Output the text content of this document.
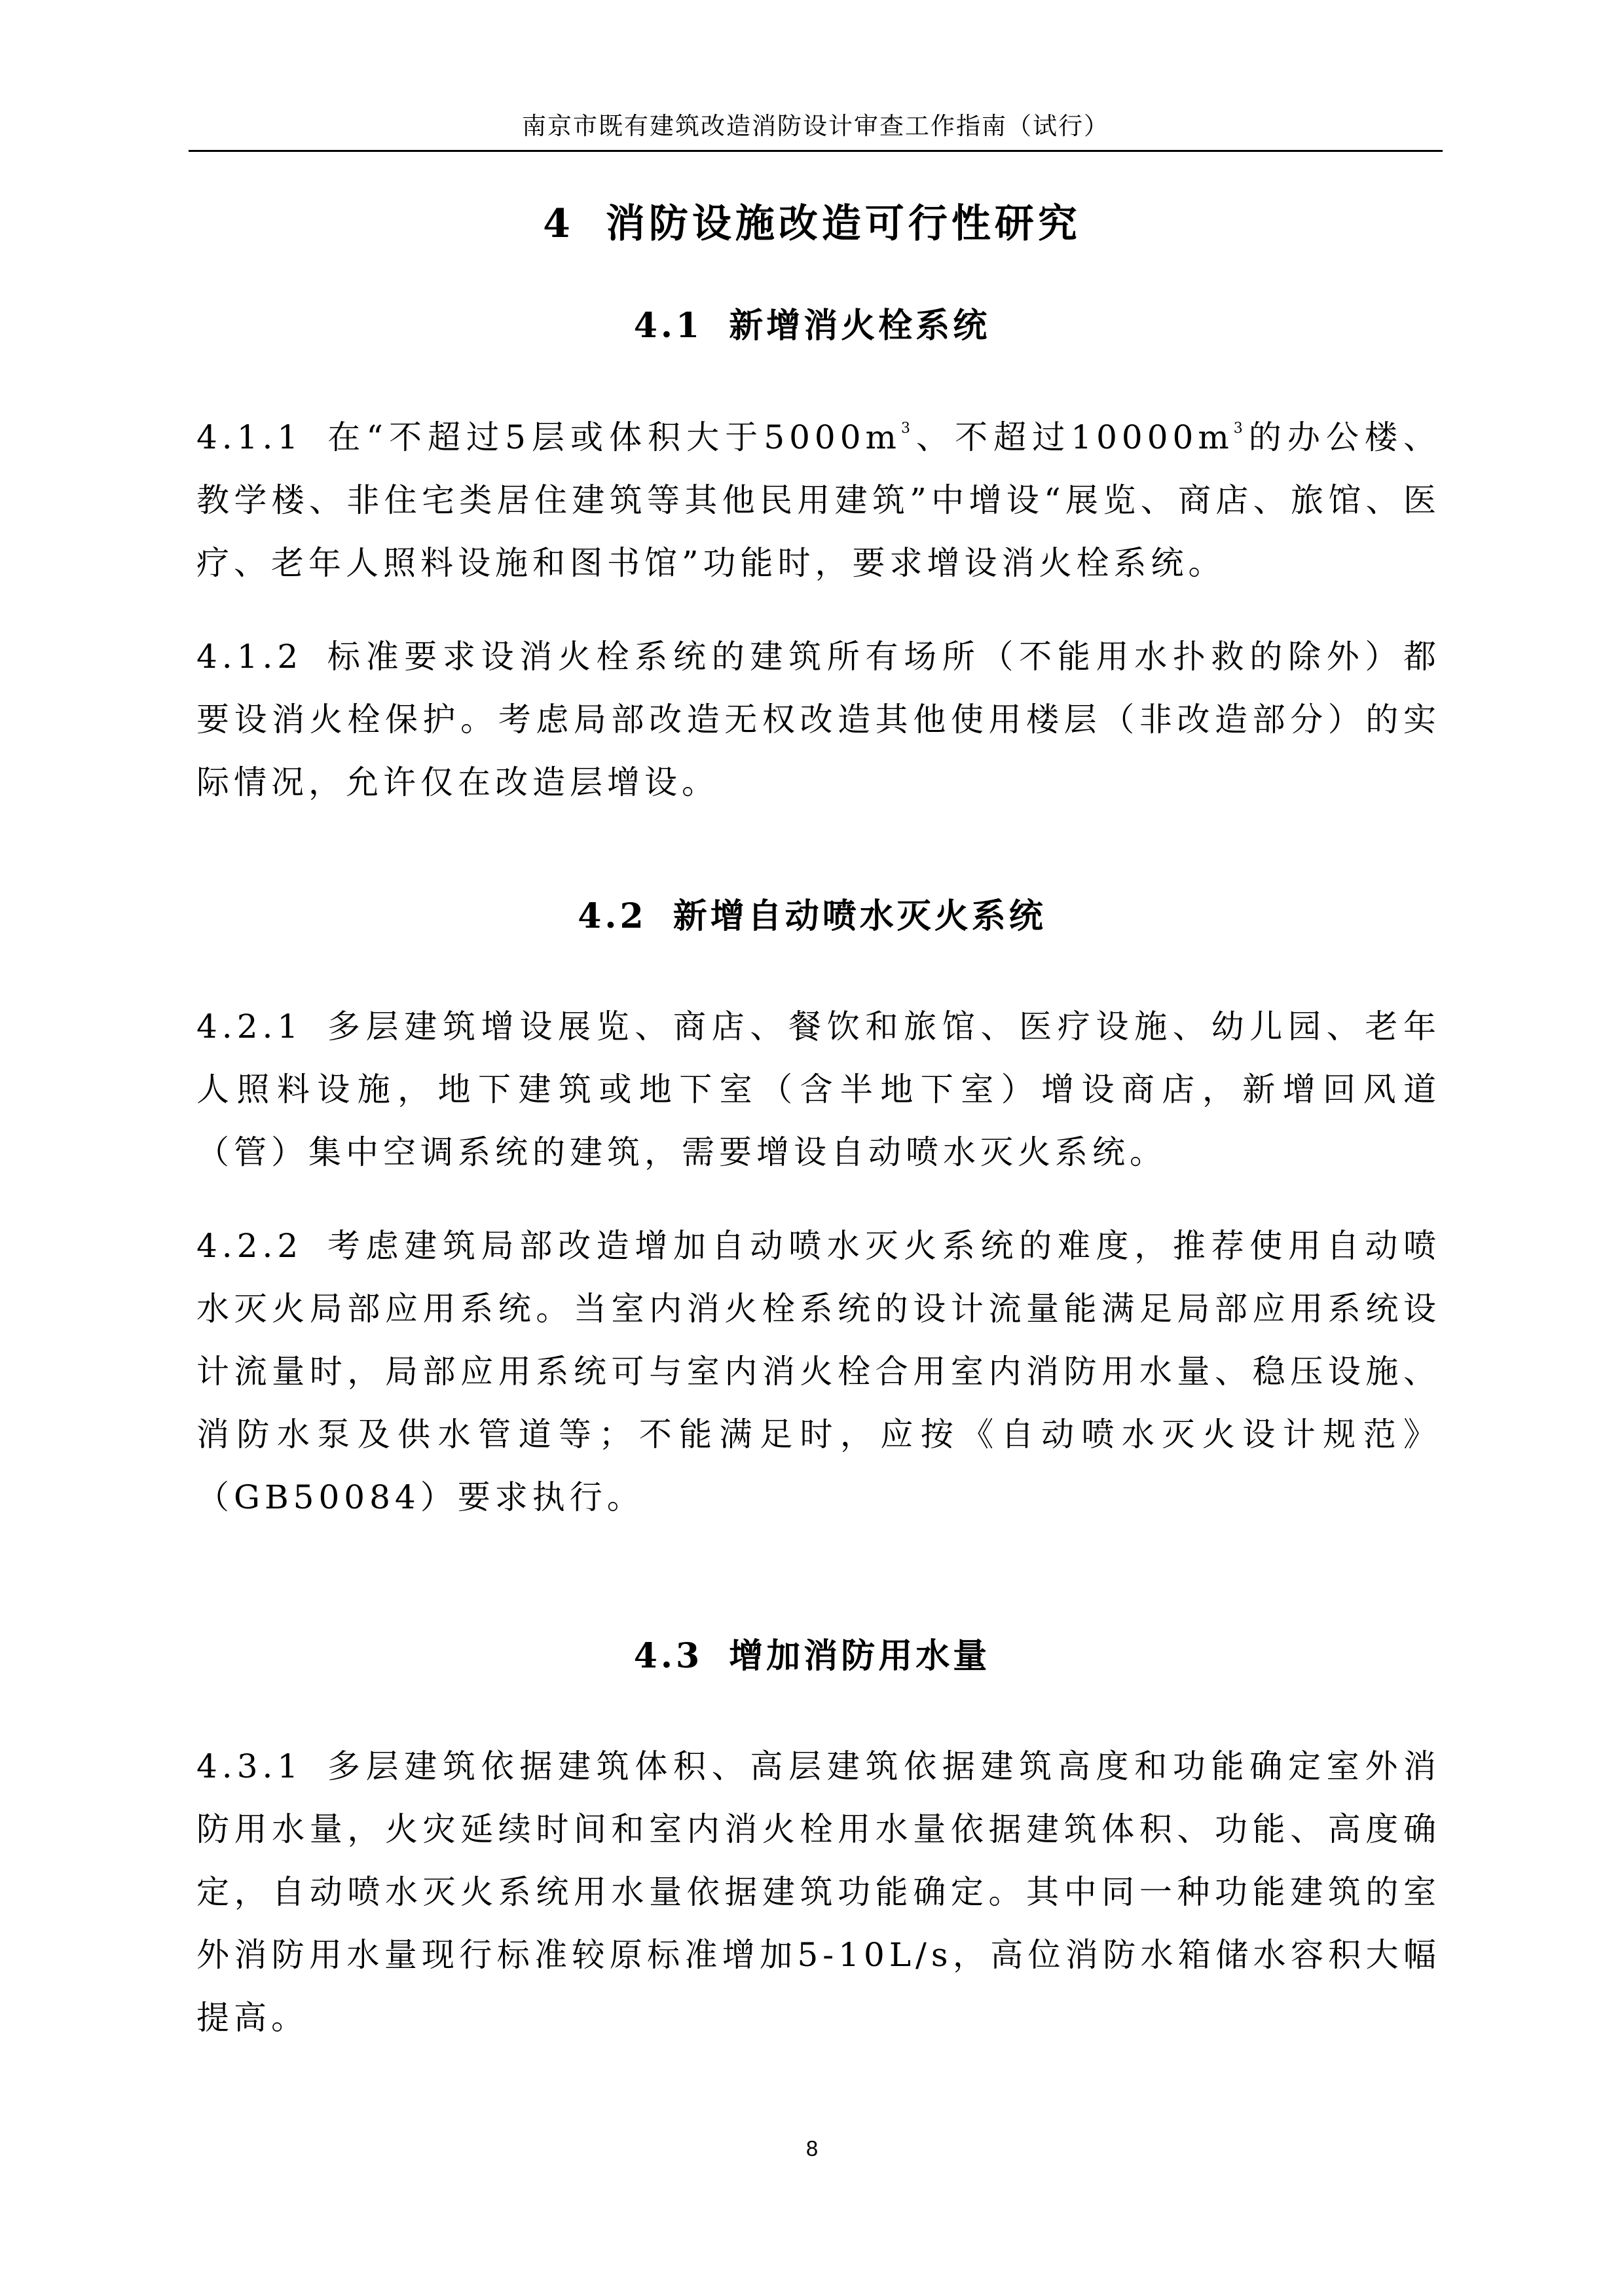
南京市既有建筑改造消防设计审查工作指南（试行）
4 消防设施改造可行性研究
4.1 新增消火栓系统

4.1.1 在“不超过5层或体积大于$5000m^3$、不超过$10000m^3$的办公楼、教学楼、非住宅类居住建筑等其他民用建筑”中增设“展览、商店、旅馆、医疗、老年人照料设施和图书馆”功能时，要求增设消火栓系统。

4.1.2 标准要求设消火栓系统的建筑所有场所（不能用水扑救的除外）都要设消火栓保护。考虑局部改造无权改造其他使用楼层（非改造部分）的实际情况，允许仅在改造层增设。

4.2 新增自动喷水灭火系统

4.2.1 多层建筑增设展览、商店、餐饮和旅馆、医疗设施、幼儿园、老年人照料设施，地下建筑或地下室（含半地下室）增设商店，新增回风道（管）集中空调系统的建筑，需要增设自动喷水灭火系统。

4.2.2 考虑建筑局部改造增加自动喷水灭火系统的难度，推荐使用自动喷水灭火局部应用系统。当室内消火栓系统的设计流量能满足局部应用系统设计流量时，局部应用系统可与室内消火栓合用室内消防用水量、稳压设施、消防水泵及供水管道等；不能满足时，应按《自动喷水灭火设计规范》（GB50084）要求执行。

4.3 增加消防用水量

4.3.1 多层建筑依据建筑体积、高层建筑依据建筑高度和功能确定室外消防用水量，火灾延续时间和室内消火栓用水量依据建筑体积、功能、高度确定，自动喷水灭火系统用水量依据建筑功能确定。其中同一种功能建筑的室外消防用水量现行标准较原标准增加5-10L/s，高位消防水箱储水容积大幅提高。

8
